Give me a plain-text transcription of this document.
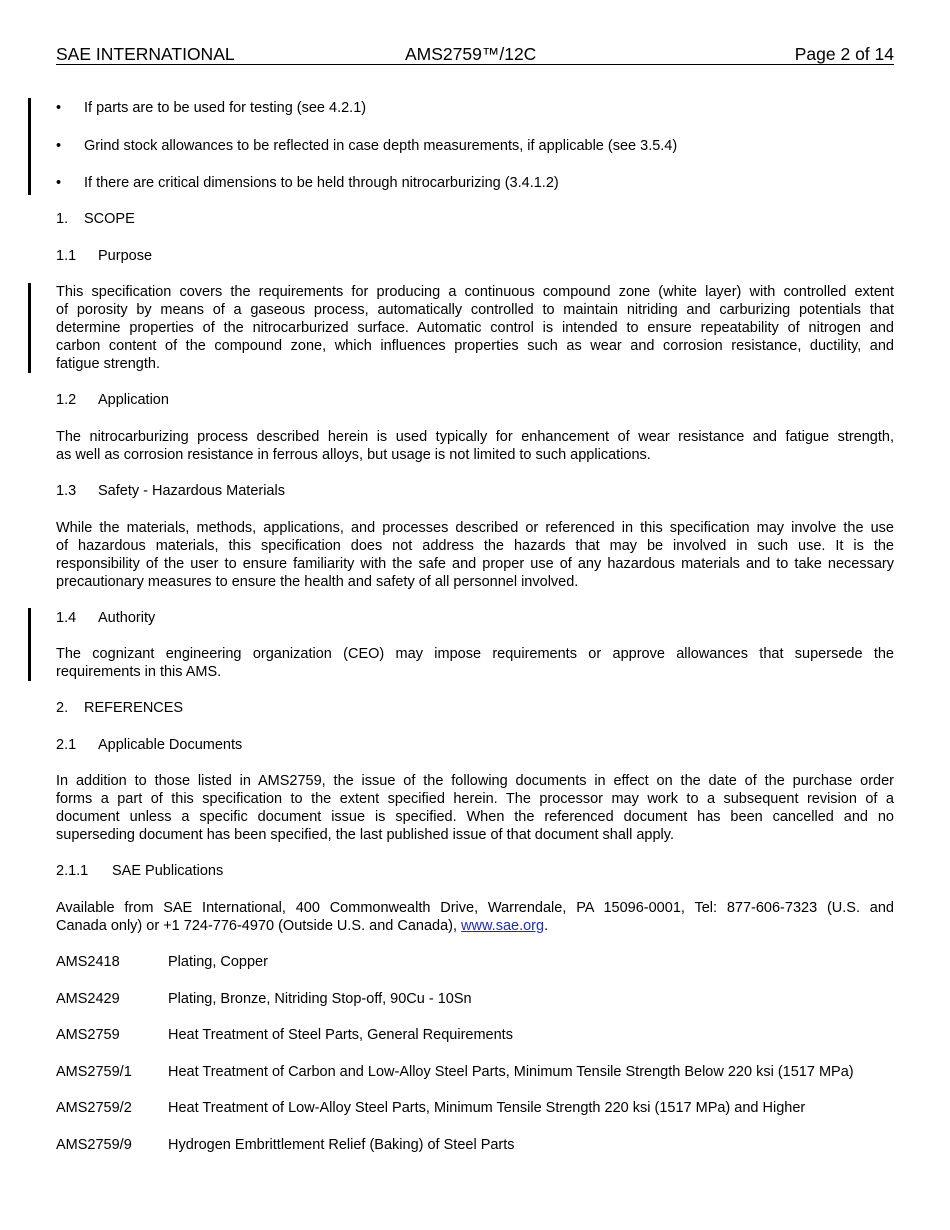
SAE INTERNATIONAL	AMS2759™/12C	Page 2 of 14
• If parts are to be used for testing (see 4.2.1)
• Grind stock allowances to be reflected in case depth measurements, if applicable (see 3.5.4)
• If there are critical dimensions to be held through nitrocarburizing (3.4.1.2)
1. SCOPE
1.1 Purpose
This specification covers the requirements for producing a continuous compound zone (white layer) with controlled extent
of porosity by means of a gaseous process, automatically controlled to maintain nitriding and carburizing potentials that
determine properties of the nitrocarburized surface. Automatic control is intended to ensure repeatability of nitrogen and
carbon content of the compound zone, which influences properties such as wear and corrosion resistance, ductility, and
fatigue strength.
1.2 Application
The nitrocarburizing process described herein is used typically for enhancement of wear resistance and fatigue strength,
as well as corrosion resistance in ferrous alloys, but usage is not limited to such applications.
1.3 Safety - Hazardous Materials
While the materials, methods, applications, and processes described or referenced in this specification may involve the use
of hazardous materials, this specification does not address the hazards that may be involved in such use. It is the
responsibility of the user to ensure familiarity with the safe and proper use of any hazardous materials and to take necessary
precautionary measures to ensure the health and safety of all personnel involved.
1.4 Authority
The cognizant engineering organization (CEO) may impose requirements or approve allowances that supersede the
requirements in this AMS.
2. REFERENCES
2.1 Applicable Documents
In addition to those listed in AMS2759, the issue of the following documents in effect on the date of the purchase order
forms a part of this specification to the extent specified herein. The processor may work to a subsequent revision of a
document unless a specific document issue is specified. When the referenced document has been cancelled and no
superseding document has been specified, the last published issue of that document shall apply.
2.1.1 SAE Publications
Available from SAE International, 400 Commonwealth Drive, Warrendale, PA 15096-0001, Tel: 877-606-7323 (U.S. and
Canada only) or +1 724-776-4970 (Outside U.S. and Canada), www.sae.org.
AMS2418	Plating, Copper
AMS2429	Plating, Bronze, Nitriding Stop-off, 90Cu - 10Sn
AMS2759	Heat Treatment of Steel Parts, General Requirements
AMS2759/1 Heat Treatment of Carbon and Low-Alloy Steel Parts, Minimum Tensile Strength Below 220 ksi (1517 MPa)
AMS2759/2 Heat Treatment of Low-Alloy Steel Parts, Minimum Tensile Strength 220 ksi (1517 MPa) and Higher
AMS2759/9 Hydrogen Embrittlement Relief (Baking) of Steel Parts
